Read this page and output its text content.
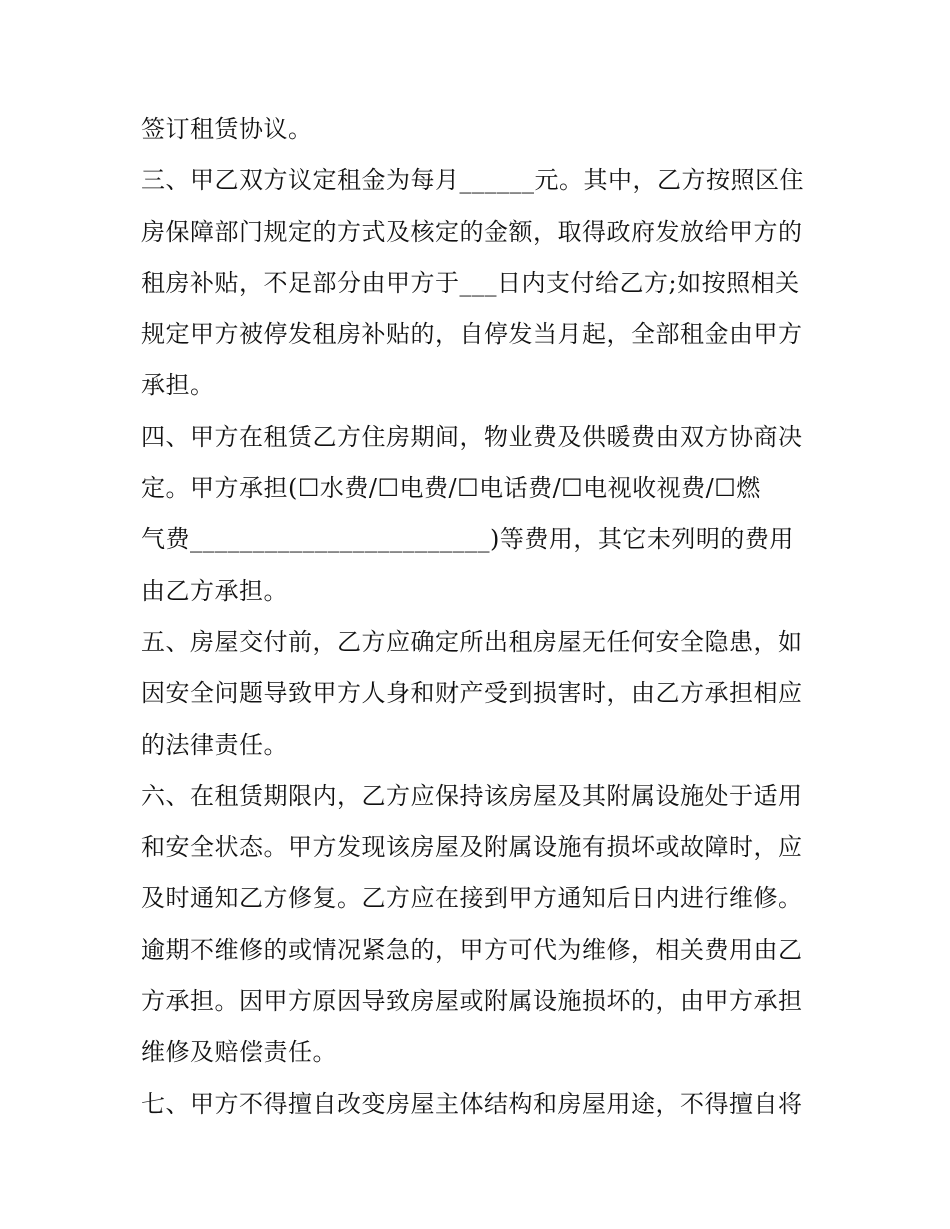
签订租赁协议。
三、甲乙双方议定租金为每月______元。其中，乙方按照区住
房保障部门规定的方式及核定的金额，取得政府发放给甲方的
租房补贴，不足部分由甲方于___日内支付给乙方;如按照相关
规定甲方被停发租房补贴的，自停发当月起，全部租金由甲方
承担。
四、甲方在租赁乙方住房期间，物业费及供暖费由双方协商决
定。甲方承担(☐水费/☐电费/☐电话费/☐电视收视费/☐燃
气费________________________)等费用，其它未列明的费用
由乙方承担。
五、房屋交付前，乙方应确定所出租房屋无任何安全隐患，如
因安全问题导致甲方人身和财产受到损害时，由乙方承担相应
的法律责任。
六、在租赁期限内，乙方应保持该房屋及其附属设施处于适用
和安全状态。甲方发现该房屋及附属设施有损坏或故障时，应
及时通知乙方修复。乙方应在接到甲方通知后日内进行维修。
逾期不维修的或情况紧急的，甲方可代为维修，相关费用由乙
方承担。因甲方原因导致房屋或附属设施损坏的，由甲方承担
维修及赔偿责任。
七、甲方不得擅自改变房屋主体结构和房屋用途，不得擅自将
